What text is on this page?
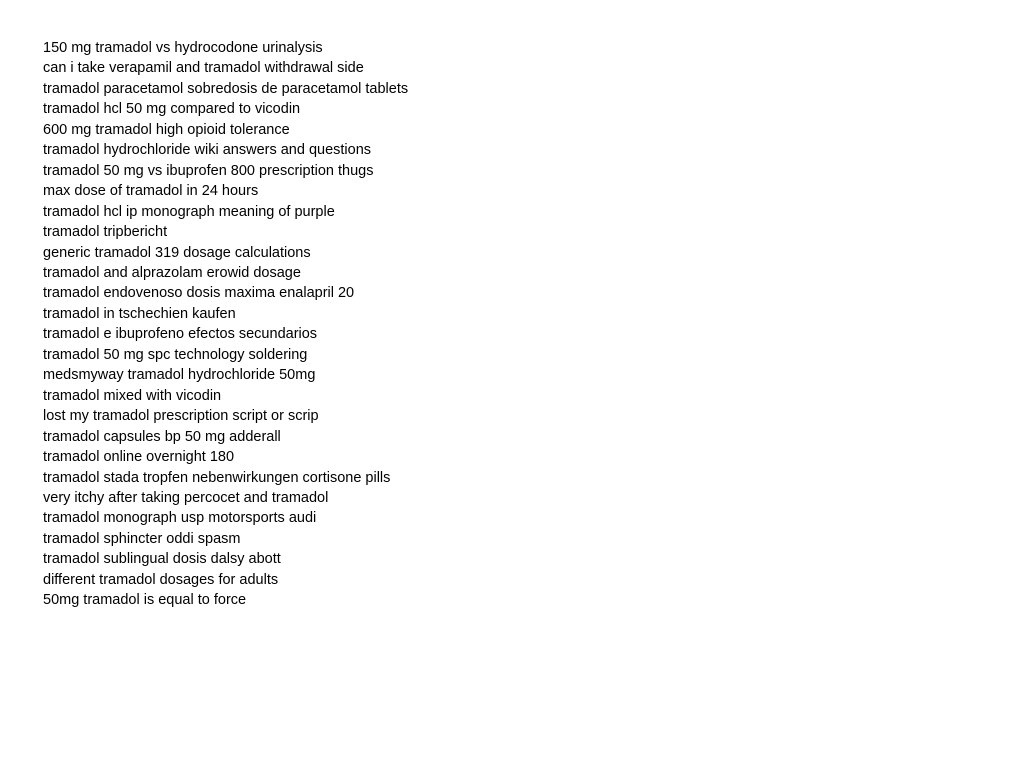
150 mg tramadol vs hydrocodone urinalysis
can i take verapamil and tramadol withdrawal side
tramadol paracetamol sobredosis de paracetamol tablets
tramadol hcl 50 mg compared to vicodin
600 mg tramadol high opioid tolerance
tramadol hydrochloride wiki answers and questions
tramadol 50 mg vs ibuprofen 800 prescription thugs
max dose of tramadol in 24 hours
tramadol hcl ip monograph meaning of purple
tramadol tripbericht
generic tramadol 319 dosage calculations
tramadol and alprazolam erowid dosage
tramadol endovenoso dosis maxima enalapril 20
tramadol in tschechien kaufen
tramadol e ibuprofeno efectos secundarios
tramadol 50 mg spc technology soldering
medsmyway tramadol hydrochloride 50mg
tramadol mixed with vicodin
lost my tramadol prescription script or scrip
tramadol capsules bp 50 mg adderall
tramadol online overnight 180
tramadol stada tropfen nebenwirkungen cortisone pills
very itchy after taking percocet and tramadol
tramadol monograph usp motorsports audi
tramadol sphincter oddi spasm
tramadol sublingual dosis dalsy abott
different tramadol dosages for adults
50mg tramadol is equal to force
